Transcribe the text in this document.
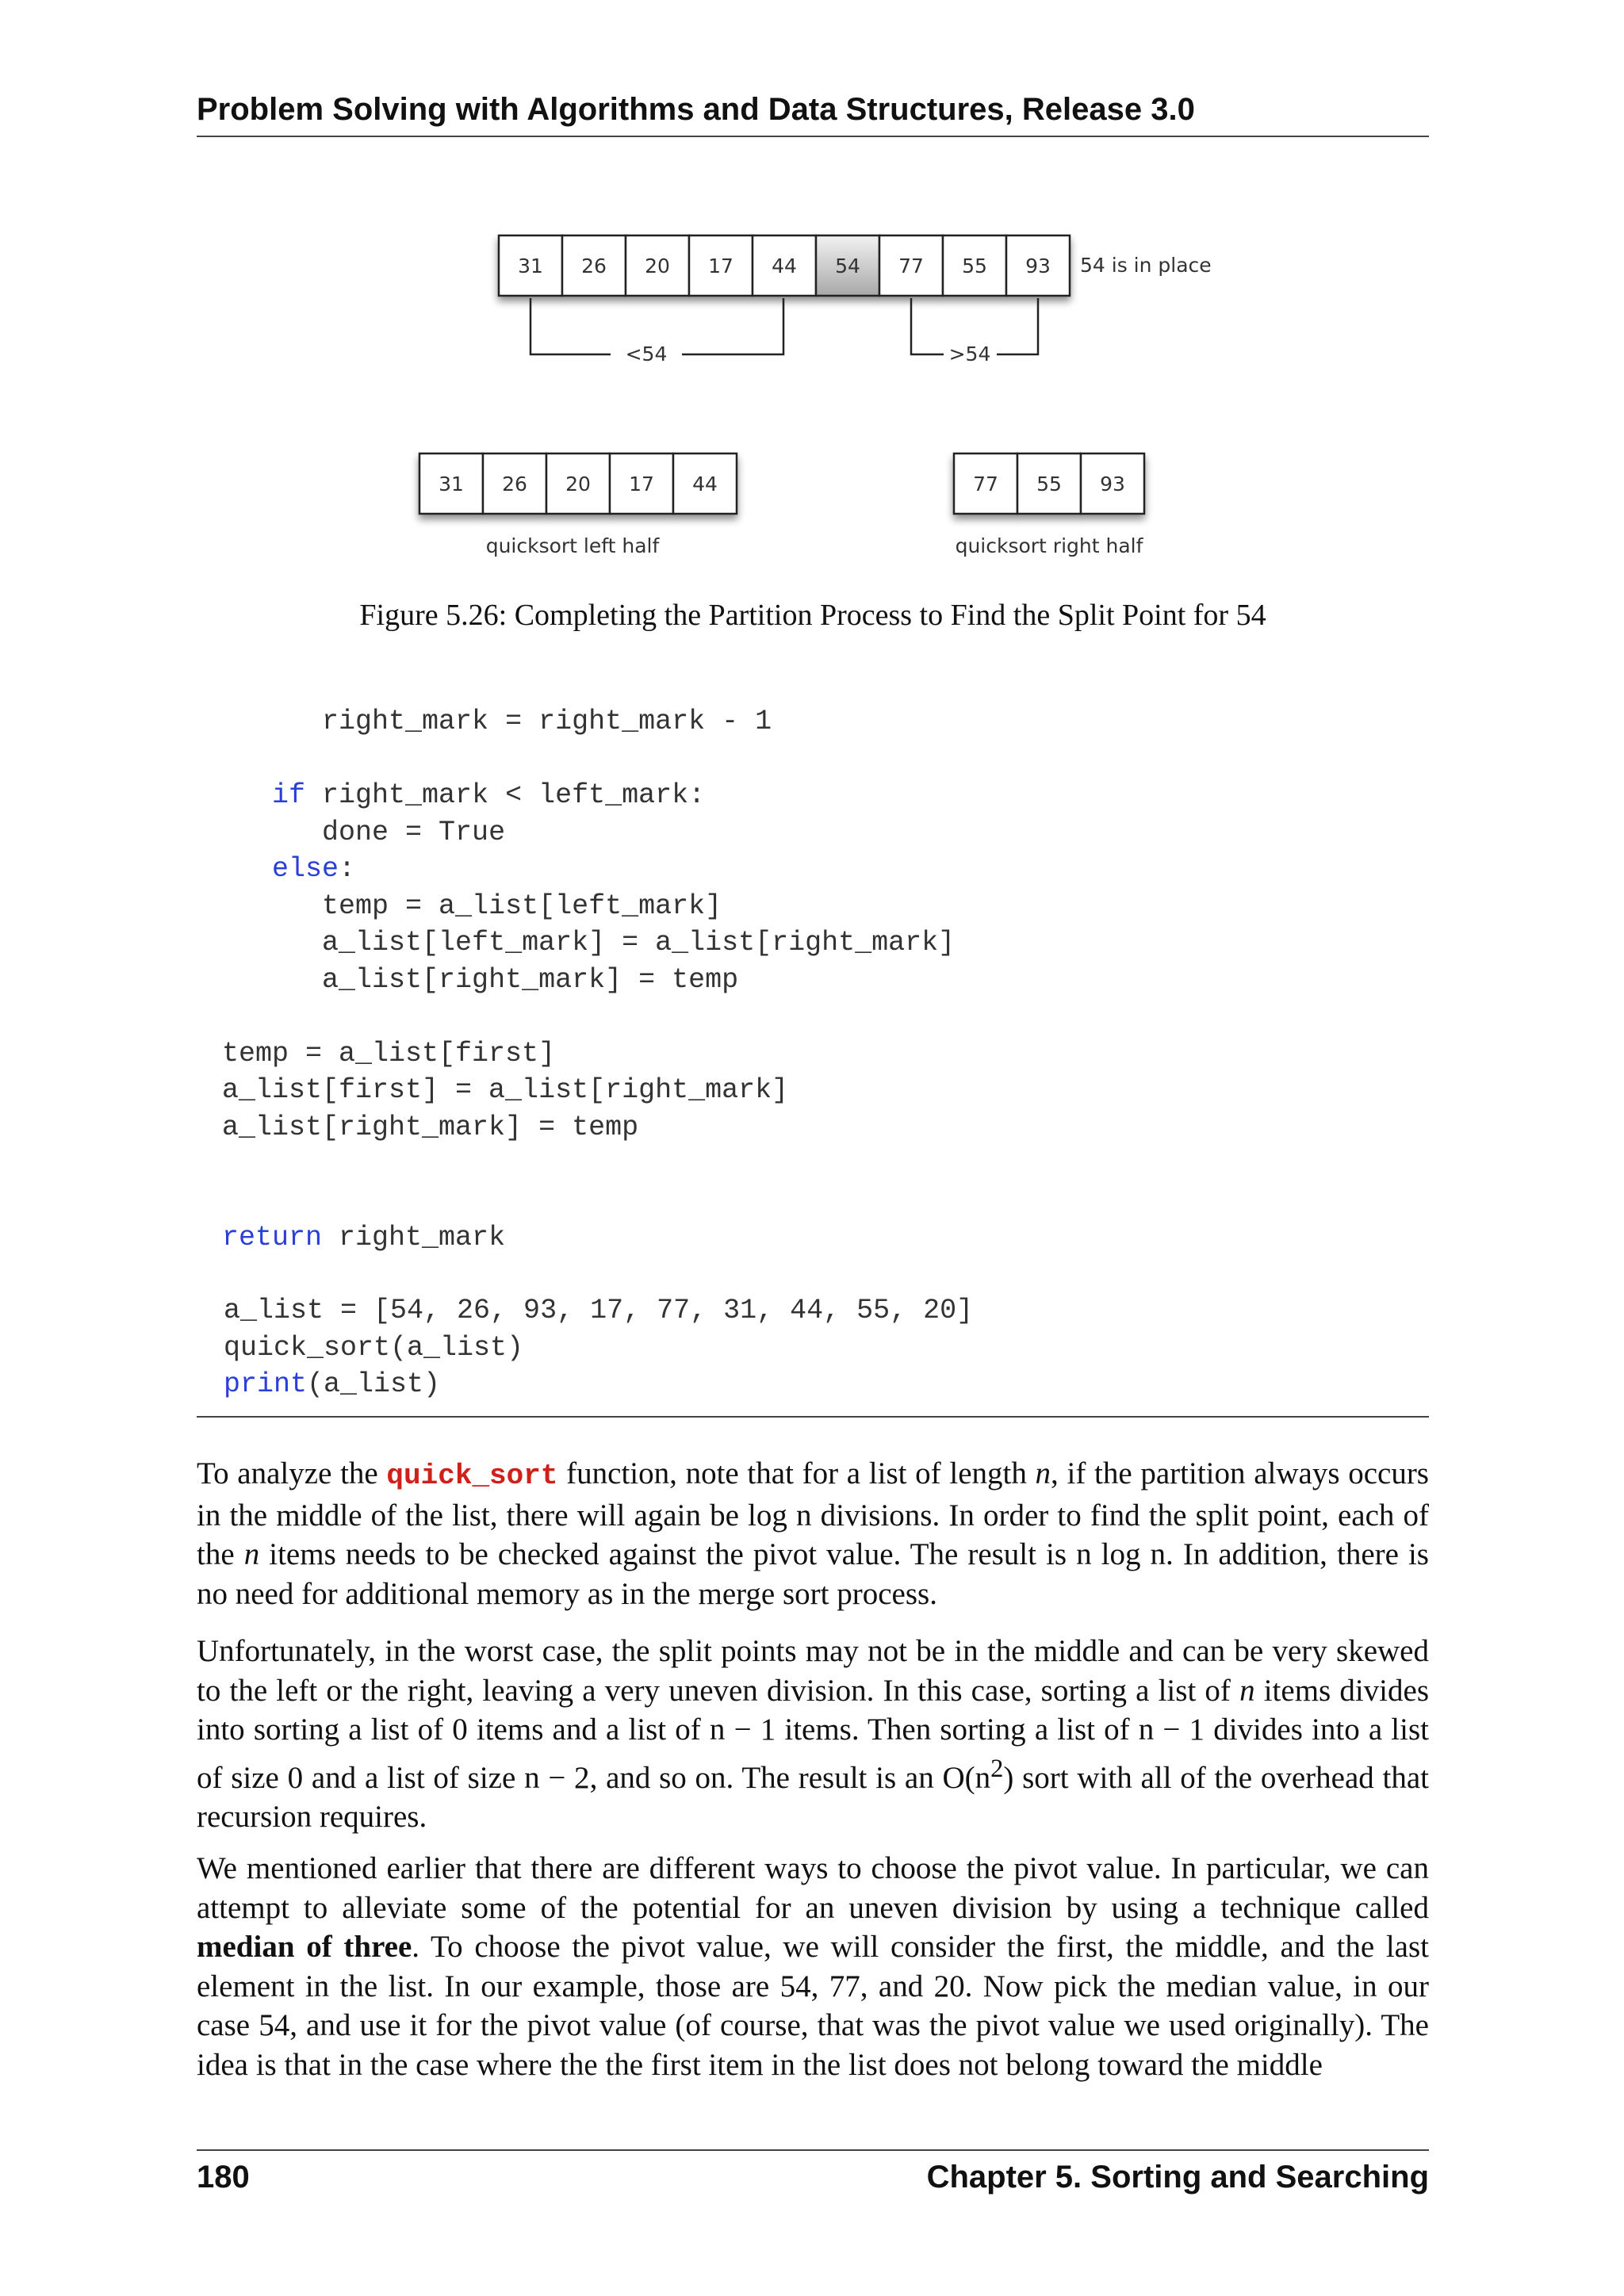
Problem Solving with Algorithms and Data Structures, Release 3.0
31 26 20 17 44 54 77 55 93 54 is in place
<54	>54
31 26 20 17 44	77 55 93
quicksort left half	quicksort right half
Figure 5.26: Completing the Partition Process to Find the Split Point for 54
right_mark = right_mark - 1

if right_mark < left_mark:
done = True
else:
temp = a_list[left_mark]
a_list[left_mark] = a_list[right_mark]
a_list[right_mark] = temp

temp = a_list[first]
a_list[first] = a_list[right_mark]
a_list[right_mark] = temp

return right_mark

a_list = [54, 26, 93, 17, 77, 31, 44, 55, 20]
quick_sort(a_list)
print(a_list)

To analyze the quick_sort function, note that for a list of length n, if the partition always occurs in the middle of the list, there will again be log n divisions. In order to find the split point, each of the n items needs to be checked against the pivot value. The result is n log n. In addition, there is no need for additional memory as in the merge sort process.

Unfortunately, in the worst case, the split points may not be in the middle and can be very skewed to the left or the right, leaving a very uneven division. In this case, sorting a list of n items divides into sorting a list of 0 items and a list of n − 1 items. Then sorting a list of n − 1 divides into a list of size 0 and a list of size n − 2, and so on. The result is an $O(n^2)$ sort with all of the overhead that recursion requires.

We mentioned earlier that there are different ways to choose the pivot value. In particular, we can attempt to alleviate some of the potential for an uneven division by using a technique called median of three. To choose the pivot value, we will consider the first, the middle, and the last element in the list. In our example, those are 54, 77, and 20. Now pick the median value, in our case 54, and use it for the pivot value (of course, that was the pivot value we used originally). The idea is that in the case where the the first item in the list does not belong toward the middle

180	Chapter 5. Sorting and Searching
